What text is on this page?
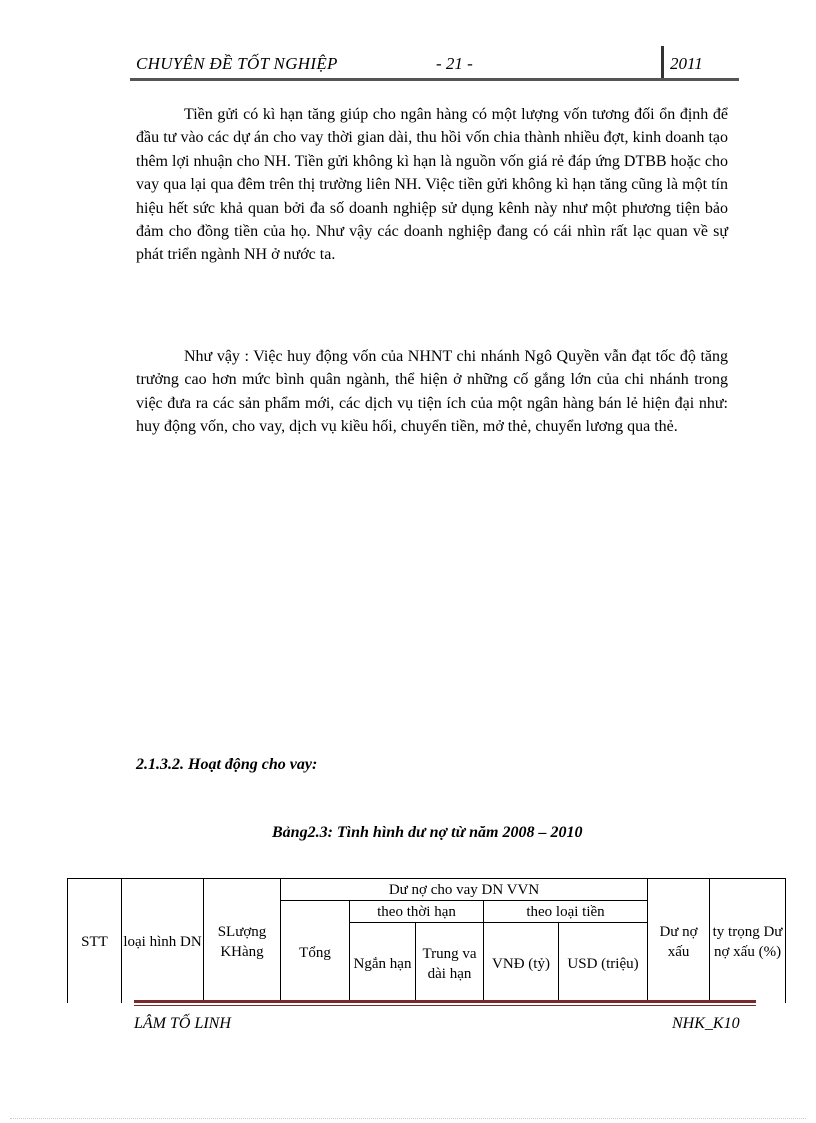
CHUYÊN ĐỀ TỐT NGHIỆP	- 21 -	2011

Tiền gửi có kì hạn tăng giúp cho ngân hàng có một lượng vốn tương đối ổn định để đầu tư vào các dự án cho vay thời gian dài, thu hồi vốn chia thành nhiều đợt, kinh doanh tạo thêm lợi nhuận cho NH. Tiền gửi không kì hạn là nguồn vốn giá rẻ đáp ứng DTBB hoặc cho vay qua lại qua đêm trên thị trường liên NH. Việc tiền gửi không kì hạn tăng cũng là một tín hiệu hết sức khả quan bởi đa số doanh nghiệp sử dụng kênh này như một phương tiện bảo đảm cho đồng tiền của họ. Như vậy các doanh nghiệp đang có cái nhìn rất lạc quan về sự phát triển ngành NH ở nước ta.

Như vậy : Việc huy động vốn của NHNT chi nhánh Ngô Quyền vẫn đạt tốc độ tăng trưởng cao hơn mức bình quân ngành, thể hiện ở những cố gắng lớn của chi nhánh trong việc đưa ra các sản phẩm mới, các dịch vụ tiện ích của một ngân hàng bán lẻ hiện đại như: huy động vốn, cho vay, dịch vụ kiều hối, chuyển tiền, mở thẻ, chuyển lương qua thẻ.

2.1.3.2. Hoạt động cho vay:
Bảng2.3: Tình hình dư nợ từ năm 2008 – 2010
STT	loại hình DN	SLượng KHàng	Dư nợ cho vay DN VVN					Dư nợ xấu	ty trọng Dư nợ xấu (%)
			Tổng	theo thời hạn		theo loại tiền			
				Ngắn hạn	Trung va dài hạn	VNĐ (tỷ)	USD (triệu)		
LÂM TỐ LINH	NHK_K10
